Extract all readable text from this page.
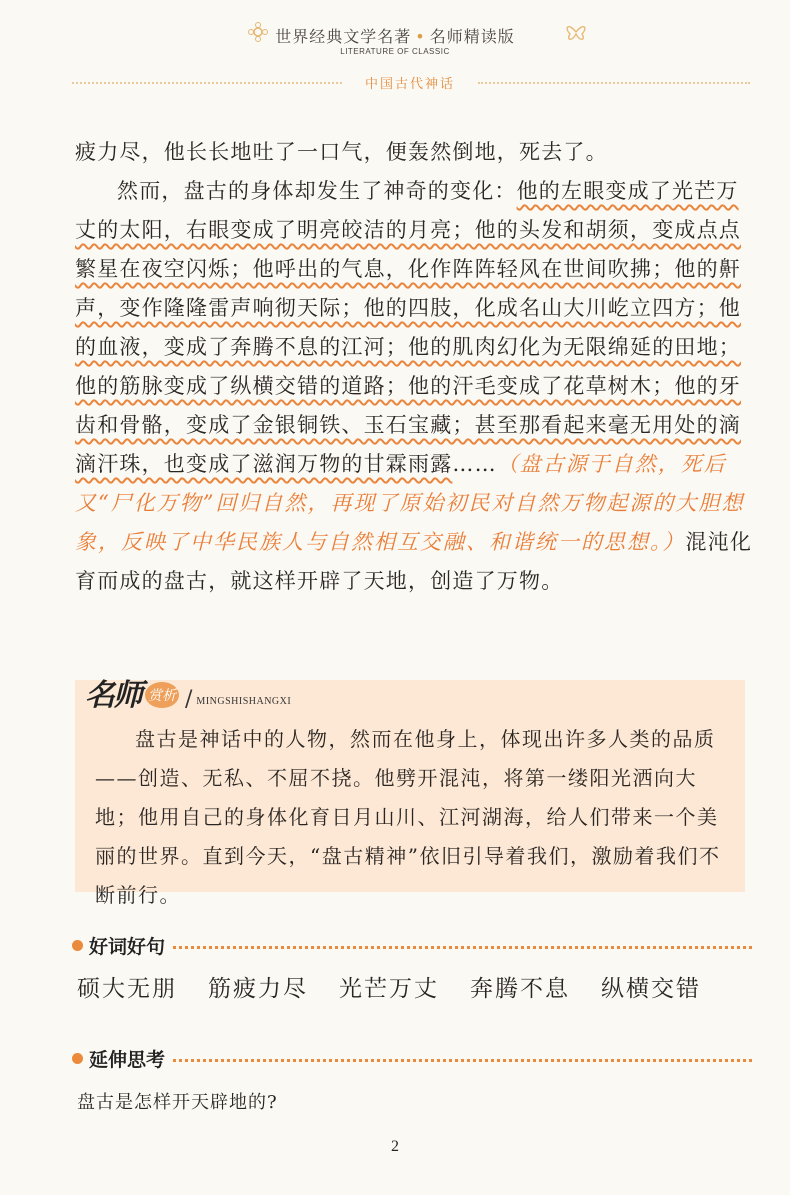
世界经典文学名著 • 名师精读版
LITERATURE OF CLASSIC
中国古代神话

疲力尽，他长长地吐了一口气，便轰然倒地，死去了。

然而，盘古的身体却发生了神奇的变化：他的左眼变成了光芒万丈的太阳，右眼变成了明亮皎洁的月亮；他的头发和胡须，变成点点繁星在夜空闪烁；他呼出的气息，化作阵阵轻风在世间吹拂；他的鼾声，变作隆隆雷声响彻天际；他的四肢，化成名山大川屹立四方；他的血液，变成了奔腾不息的江河；他的肌肉幻化为无限绵延的田地；他的筋脉变成了纵横交错的道路；他的汗毛变成了花草树木；他的牙齿和骨骼，变成了金银铜铁、玉石宝藏；甚至那看起来毫无用处的滴滴汗珠，也变成了滋润万物的甘霖雨露……（盘古源于自然，死后又“尸化万物”回归自然，再现了原始初民对自然万物起源的大胆想象，反映了中华民族人与自然相互交融、和谐统一的思想。）混沌化育而成的盘古，就这样开辟了天地，创造了万物。

名师 赏析 / MINGSHISHANGXI

盘古是神话中的人物，然而在他身上，体现出许多人类的品质——创造、无私、不屈不挠。他劈开混沌，将第一缕阳光洒向大地；他用自己的身体化育日月山川、江河湖海，给人们带来一个美丽的世界。直到今天，“盘古精神”依旧引导着我们，激励着我们不断前行。

好词好句
硕大无朋 筋疲力尽 光芒万丈 奔腾不息 纵横交错
延伸思考
盘古是怎样开天辟地的?
2
